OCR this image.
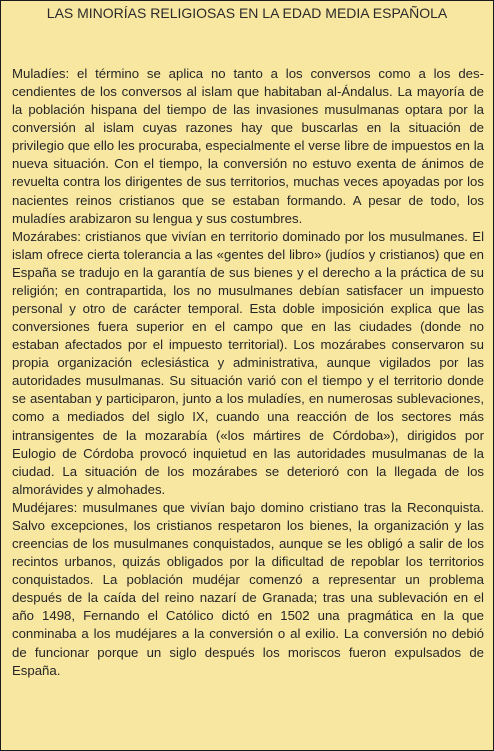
LAS MINORÍAS RELIGIOSAS EN LA EDAD MEDIA ESPAÑOLA

Muladíes: el término se aplica no tanto a los conversos como a los descendientes de los conversos al islam que habitaban al-Ándalus. La mayoría de la población hispana del tiempo de las invasiones musulmanas optara por la conversión al islam cuyas razones hay que buscarlas en la situación de privilegio que ello les procuraba, especialmente el verse libre de impuestos en la nueva situación. Con el tiempo, la conversión no estuvo exenta de ánimos de revuelta contra los dirigentes de sus territorios, muchas veces apoyadas por los nacientes reinos cristianos que se estaban formando. A pesar de todo, los muladíes arabizaron su lengua y sus costumbres.

Mozárabes: cristianos que vivían en territorio dominado por los musulmanes. El islam ofrece cierta tolerancia a las «gentes del libro» (judíos y cristianos) que en España se tradujo en la garantía de sus bienes y el derecho a la práctica de su religión; en contrapartida, los no musulmanes debían satisfacer un impuesto personal y otro de carácter temporal. Esta doble imposición explica que las conversiones fuera superior en el campo que en las ciudades (donde no estaban afectados por el impuesto territorial). Los mozárabes conservaron su propia organización eclesiástica y administrativa, aunque vigilados por las autoridades musulmanas. Su situación varió con el tiempo y el territorio donde se asentaban y participaron, junto a los muladíes, en numerosas sublevaciones, como a mediados del siglo IX, cuando una reacción de los sectores más intransigentes de la mozarabía («los mártires de Córdoba»), dirigidos por Eulogio de Córdoba provocó inquietud en las autoridades musulmanas de la ciudad. La situación de los mozárabes se deterioró con la llegada de los almorávides y almohades.

Mudéjares: musulmanes que vivían bajo domino cristiano tras la Reconquista. Salvo excepciones, los cristianos respetaron los bienes, la organización y las creencias de los musulmanes conquistados, aunque se les obligó a salir de los recintos urbanos, quizás obligados por la dificultad de repoblar los territorios conquistados. La población mudéjar comenzó a representar un problema después de la caída del reino nazarí de Granada; tras una sublevación en el año 1498, Fernando el Católico dictó en 1502 una pragmática en la que conminaba a los mudéjares a la conversión o al exilio. La conversión no debió de funcionar porque un siglo después los moriscos fueron expulsados de España.
